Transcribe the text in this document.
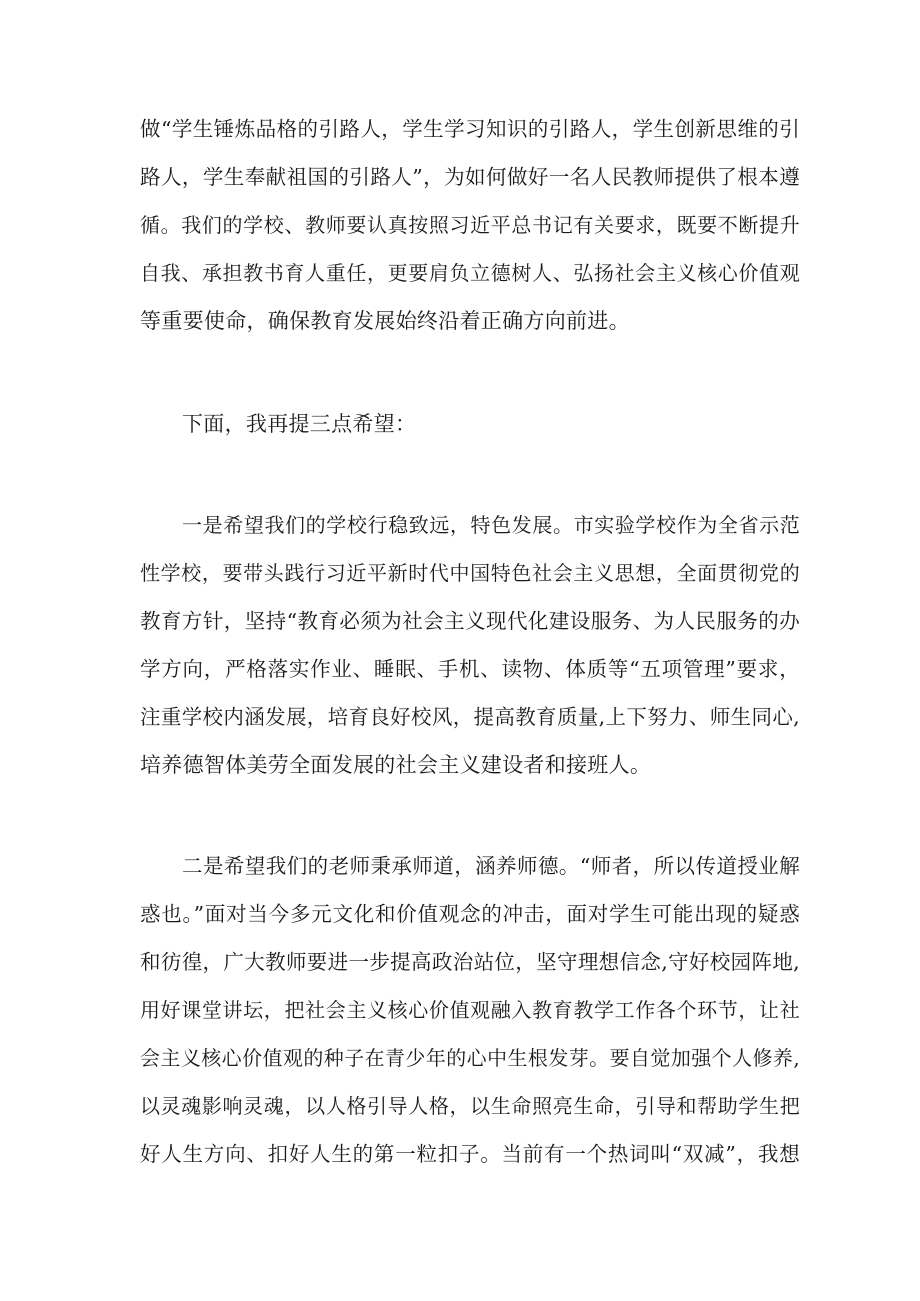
做“学生锤炼品格的引路人，学生学习知识的引路人，学生创新思维的引
路人，学生奉献祖国的引路人”，为如何做好一名人民教师提供了根本遵
循。我们的学校、教师要认真按照习近平总书记有关要求，既要不断提升
自我、承担教书育人重任，更要肩负立德树人、弘扬社会主义核心价值观
等重要使命，确保教育发展始终沿着正确方向前进。
下面，我再提三点希望：
一是希望我们的学校行稳致远，特色发展。市实验学校作为全省示范
性学校，要带头践行习近平新时代中国特色社会主义思想，全面贯彻党的
教育方针，坚持“教育必须为社会主义现代化建设服务、为人民服务的办
学方向，严格落实作业、睡眠、手机、读物、体质等“五项管理”要求，
注重学校内涵发展，培育良好校风，提高教育质量,上下努力、师生同心,
培养德智体美劳全面发展的社会主义建设者和接班人。
二是希望我们的老师秉承师道，涵养师德。“师者，所以传道授业解
惑也。”面对当今多元文化和价值观念的冲击，面对学生可能出现的疑惑
和彷徨，广大教师要进一步提高政治站位，坚守理想信念,守好校园阵地,
用好课堂讲坛，把社会主义核心价值观融入教育教学工作各个环节，让社
会主义核心价值观的种子在青少年的心中生根发芽。要自觉加强个人修养,
以灵魂影响灵魂，以人格引导人格，以生命照亮生命，引导和帮助学生把
好人生方向、扣好人生的第一粒扣子。当前有一个热词叫“双减”，我想
